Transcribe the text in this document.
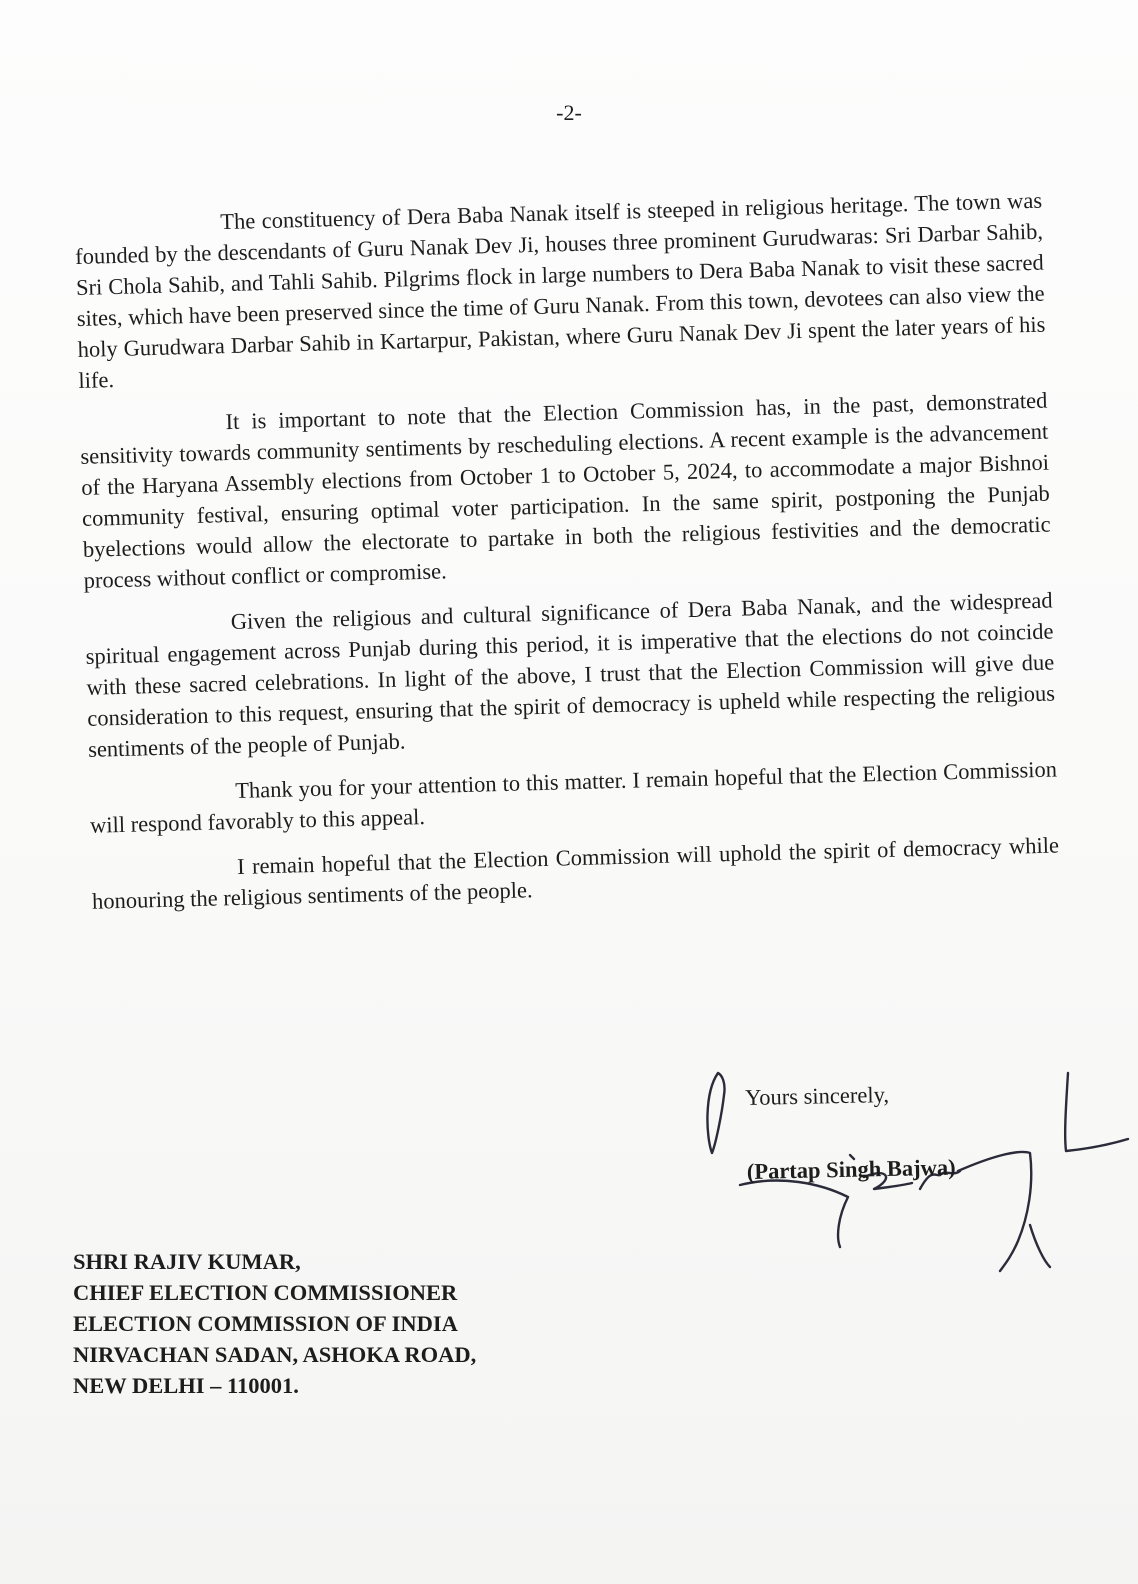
-2-

The constituency of Dera Baba Nanak itself is steeped in religious heritage. The town was founded by the descendants of Guru Nanak Dev Ji, houses three prominent Gurudwaras: Sri Darbar Sahib, Sri Chola Sahib, and Tahli Sahib. Pilgrims flock in large numbers to Dera Baba Nanak to visit these sacred sites, which have been preserved since the time of Guru Nanak. From this town, devotees can also view the holy Gurudwara Darbar Sahib in Kartarpur, Pakistan, where Guru Nanak Dev Ji spent the later years of his life.

It is important to note that the Election Commission has, in the past, demonstrated sensitivity towards community sentiments by rescheduling elections. A recent example is the advancement of the Haryana Assembly elections from October 1 to October 5, 2024, to accommodate a major Bishnoi community festival, ensuring optimal voter participation. In the same spirit, postponing the Punjab byelections would allow the electorate to partake in both the religious festivities and the democratic process without conflict or compromise.

Given the religious and cultural significance of Dera Baba Nanak, and the widespread spiritual engagement across Punjab during this period, it is imperative that the elections do not coincide with these sacred celebrations. In light of the above, I trust that the Election Commission will give due consideration to this request, ensuring that the spirit of democracy is upheld while respecting the religious sentiments of the people of Punjab.

Thank you for your attention to this matter. I remain hopeful that the Election Commission will respond favorably to this appeal.

I remain hopeful that the Election Commission will uphold the spirit of democracy while honouring the religious sentiments of the people.

Yours sincerely,
(Partap Singh Bajwa)
SHRI RAJIV KUMAR,
CHIEF ELECTION COMMISSIONER
ELECTION COMMISSION OF INDIA
NIRVACHAN SADAN, ASHOKA ROAD,
NEW DELHI – 110001.
